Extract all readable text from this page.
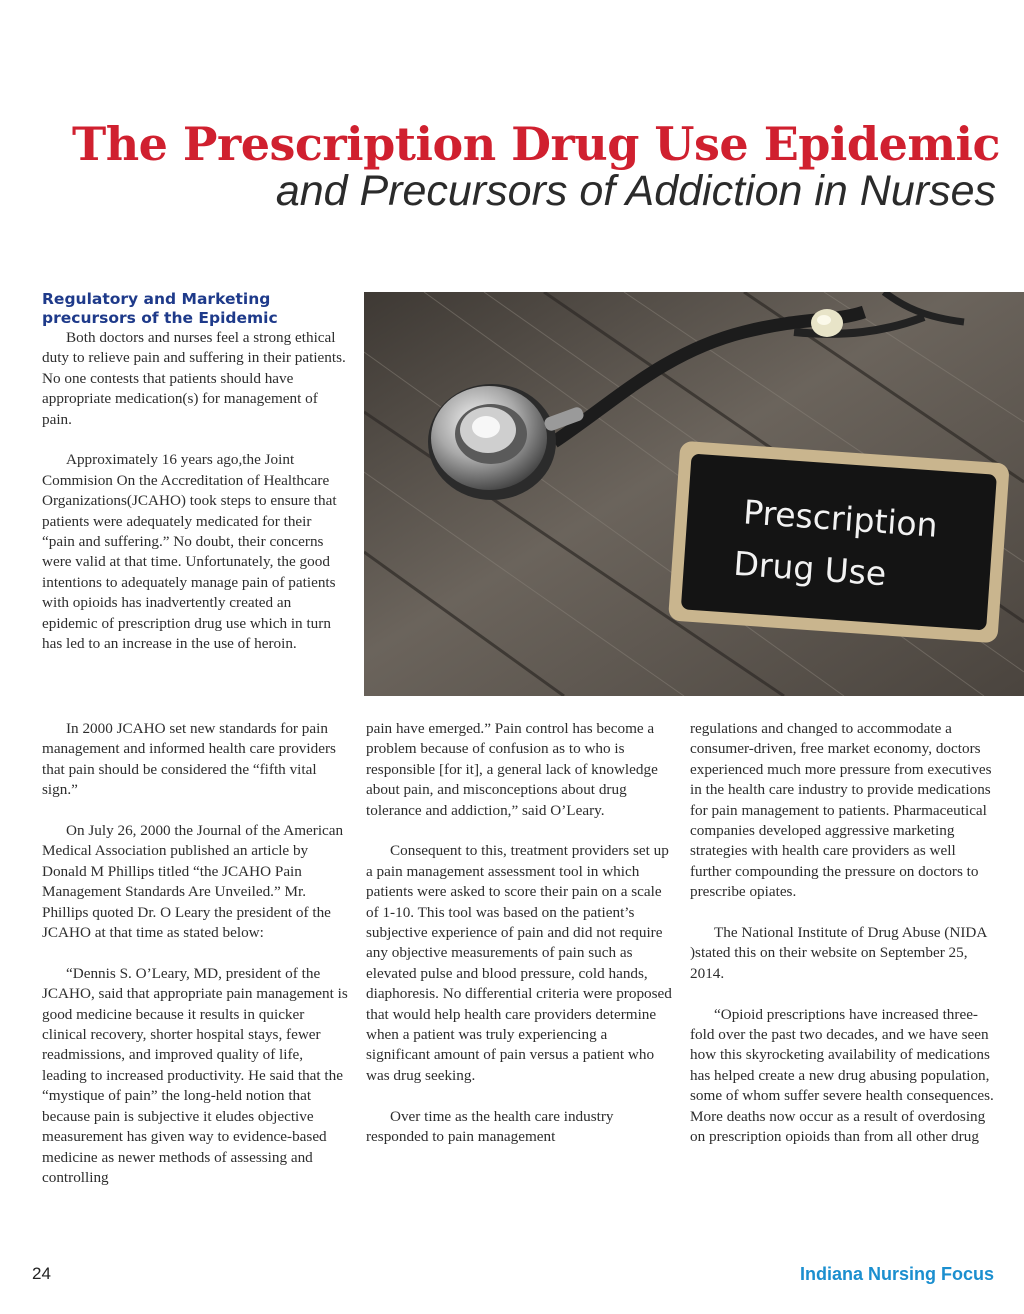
The Prescription Drug Use Epidemic
and Precursors of Addiction in Nurses
Regulatory and Marketing
precursors of the Epidemic

Both doctors and nurses feel a strong ethical duty to relieve pain and suffering in their patients. No one contests that patients should have appropriate medication(s) for management of pain.

Approximately 16 years ago,the Joint Commision On the Accreditation of Healthcare Organizations(JCAHO) took steps to ensure that patients were adequately medicated for their “pain and suffering.” No doubt, their concerns were valid at that time. Unfortunately, the good intentions to adequately manage pain of patients with opioids has inadvertently created an epidemic of prescription drug use which in turn has led to an increase in the use of heroin.

Prescription
Drug Use

In 2000 JCAHO set new standards for pain management and informed health care providers that pain should be considered the “fifth vital sign.”

On July 26, 2000 the Journal of the American Medical Association published an article by Donald M Phillips titled “the JCAHO Pain Management Standards Are Unveiled.” Mr. Phillips quoted Dr. O Leary the president of the JCAHO at that time as stated below:

“Dennis S. O’Leary, MD, president of the JCAHO, said that appropriate pain management is good medicine because it results in quicker clinical recovery, shorter hospital stays, fewer readmissions, and improved quality of life, leading to increased productivity. He said that the “mystique of pain” the long-held notion that because pain is subjective it eludes objective measurement has given way to evidence-based medicine as newer methods of assessing and controlling

pain have emerged.” Pain control has become a problem because of confusion as to who is responsible [for it], a general lack of knowledge about pain, and misconceptions about drug tolerance and addiction,” said O’Leary.

Consequent to this, treatment providers set up a pain management assessment tool in which patients were asked to score their pain on a scale of 1-10. This tool was based on the patient’s subjective experience of pain and did not require any objective measurements of pain such as elevated pulse and blood pressure, cold hands, diaphoresis. No differential criteria were proposed that would help health care providers determine when a patient was truly experiencing a significant amount of pain versus a patient who was drug seeking.

Over time as the health care industry responded to pain management

regulations and changed to accommodate a consumer-driven, free market economy, doctors experienced much more pressure from executives in the health care industry to provide medications for pain management to patients. Pharmaceutical companies developed aggressive marketing strategies with health care providers as well further compounding the pressure on doctors to prescribe opiates.

The National Institute of Drug Abuse (NIDA )stated this on their website on September 25, 2014.

“Opioid prescriptions have increased three-fold over the past two decades, and we have seen how this skyrocketing availability of medications has helped create a new drug abusing population, some of whom suffer severe health consequences. More deaths now occur as a result of overdosing on prescription opioids than from all other drug

24	Indiana Nursing Focus
